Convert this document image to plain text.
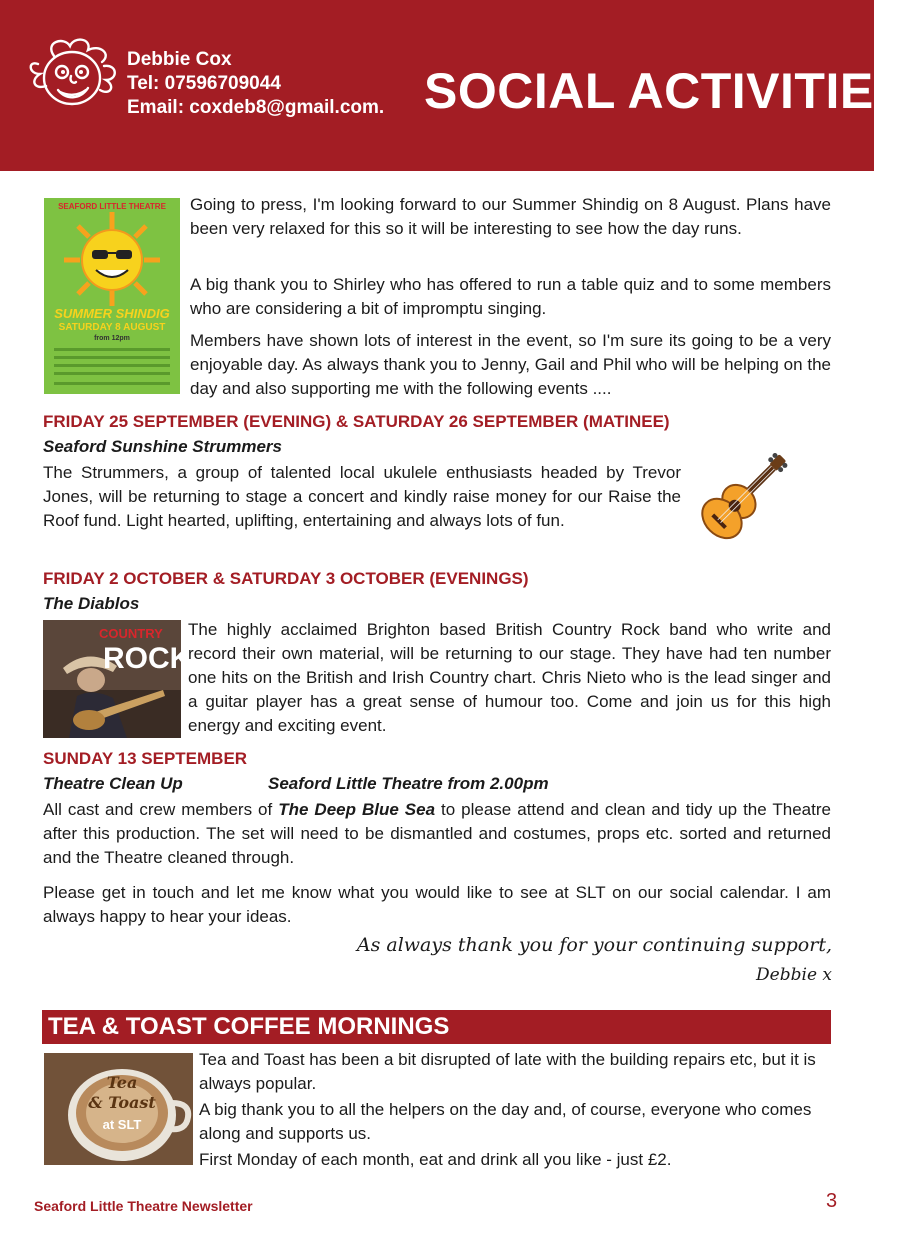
Debbie Cox
Tel: 07596709044
Email: coxdeb8@gmail.com. SOCIAL ACTIVITIES
SEAFORD LITTLE THEATRE
SUMMER SHINDIG
SATURDAY 8 AUGUST
from 12pm
Going to press, I'm looking forward to our Summer Shindig on 8 August. Plans have been very relaxed for this so it will be interesting to see how the day runs.
A big thank you to Shirley who has offered to run a table quiz and to some members who are considering a bit of impromptu singing.
Members have shown lots of interest in the event, so I'm sure its going to be a very enjoyable day. As always thank you to Jenny, Gail and Phil who will be helping on the day and also supporting me with the following events ....
FRIDAY 25 SEPTEMBER (EVENING) & SATURDAY 26 SEPTEMBER (MATINEE)
Seaford Sunshine Strummers
The Strummers, a group of talented local ukulele enthusiasts headed by Trevor Jones, will be returning to stage a concert and kindly raise money for our Raise the Roof fund. Light hearted, uplifting, entertaining and always lots of fun.
FRIDAY 2 OCTOBER & SATURDAY 3 OCTOBER (EVENINGS)
The Diablos
COUNTRY
ROCK
The highly acclaimed Brighton based British Country Rock band who write and record their own material, will be returning to our stage. They have had ten number one hits on the British and Irish Country chart. Chris Nieto who is the lead singer and a guitar player has a great sense of humour too. Come and join us for this high energy and exciting event.
SUNDAY 13 SEPTEMBER
Theatre Clean Up	Seaford Little Theatre from 2.00pm
All cast and crew members of The Deep Blue Sea to please attend and clean and tidy up the Theatre after this production. The set will need to be dismantled and costumes, props etc. sorted and returned and the Theatre cleaned through.
Please get in touch and let me know what you would like to see at SLT on our social calendar. I am always happy to hear your ideas.
As always thank you for your continuing support,
Debbie x
TEA & TOAST COFFEE MORNINGS
Tea
& Toast
at SLT
Tea and Toast has been a bit disrupted of late with the building repairs etc, but it is always popular.
A big thank you to all the helpers on the day and, of course, everyone who comes along and supports us.
First Monday of each month, eat and drink all you like - just £2.
Seaford Little Theatre Newsletter	3
